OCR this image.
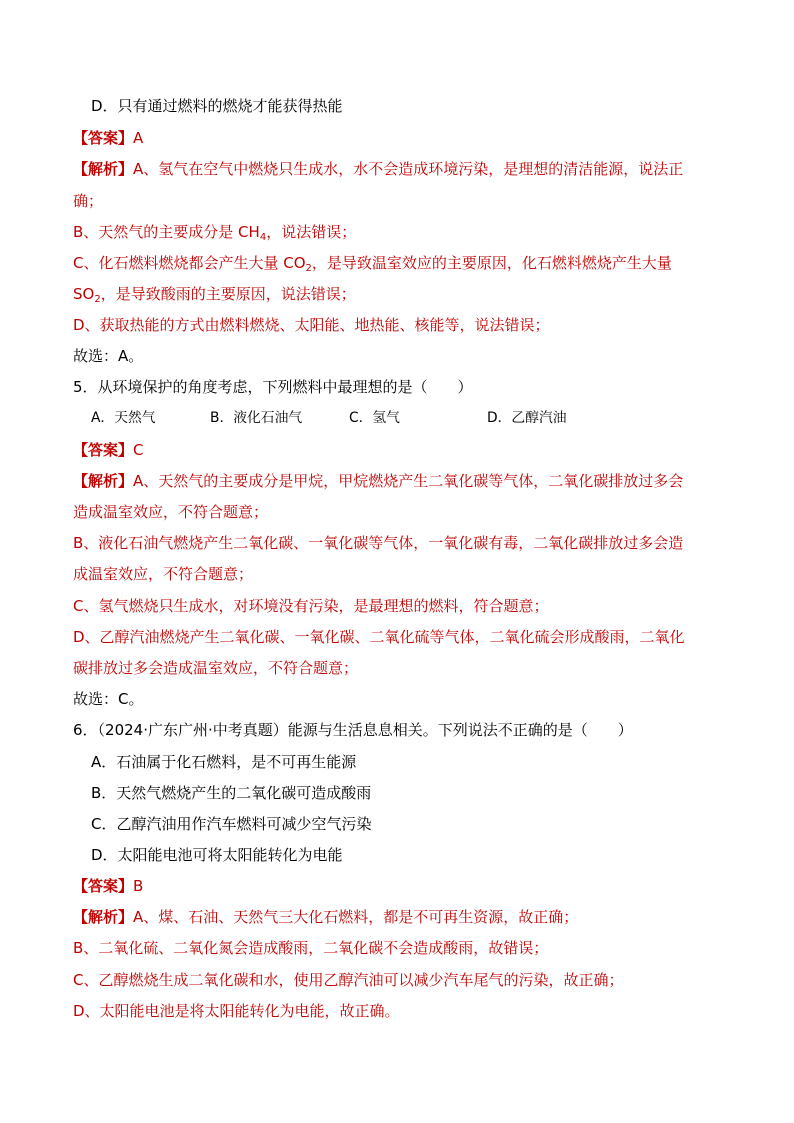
D．只有通过燃料的燃烧才能获得热能
【答案】A
【解析】A、氢气在空气中燃烧只生成水，水不会造成环境污染，是理想的清洁能源，说法正
确；
B、天然气的主要成分是 $CH_4$，说法错误；
C、化石燃料燃烧都会产生大量 $CO_2$，是导致温室效应的主要原因，化石燃料燃烧产生大量
$SO_2$，是导致酸雨的主要原因，说法错误；
D、获取热能的方式由燃料燃烧、太阳能、地热能、核能等，说法错误；
故选：A。
5．从环境保护的角度考虑，下列燃料中最理想的是（　　）
A．天然气	B．液化石油气	C．氢气	D．乙醇汽油
【答案】C
【解析】A、天然气的主要成分是甲烷，甲烷燃烧产生二氧化碳等气体，二氧化碳排放过多会
造成温室效应，不符合题意；
B、液化石油气燃烧产生二氧化碳、一氧化碳等气体，一氧化碳有毒，二氧化碳排放过多会造
成温室效应，不符合题意；
C、氢气燃烧只生成水，对环境没有污染，是最理想的燃料，符合题意；
D、乙醇汽油燃烧产生二氧化碳、一氧化碳、二氧化硫等气体，二氧化硫会形成酸雨，二氧化
碳排放过多会造成温室效应，不符合题意；
故选：C。
6．（2024·广东广州·中考真题）能源与生活息息相关。下列说法不正确的是（　　）
A．石油属于化石燃料，是不可再生能源
B．天然气燃烧产生的二氧化碳可造成酸雨
C．乙醇汽油用作汽车燃料可减少空气污染
D．太阳能电池可将太阳能转化为电能
【答案】B
【解析】A、煤、石油、天然气三大化石燃料，都是不可再生资源，故正确；
B、二氧化硫、二氧化氮会造成酸雨，二氧化碳不会造成酸雨，故错误；
C、乙醇燃烧生成二氧化碳和水，使用乙醇汽油可以减少汽车尾气的污染，故正确；
D、太阳能电池是将太阳能转化为电能，故正确。
